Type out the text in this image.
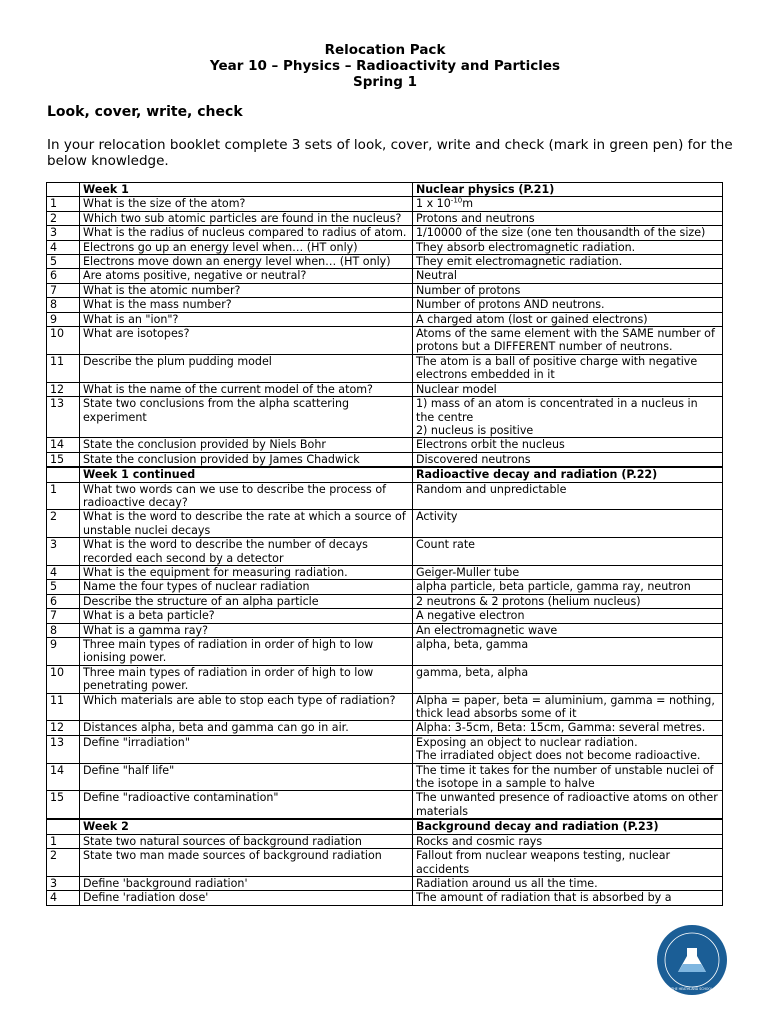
Relocation Pack
Year 10 – Physics – Radioactivity and Particles
Spring 1
Look, cover, write, check
In your relocation booklet complete 3 sets of look, cover, write and check (mark in green pen) for the below knowledge.
	Week 1	Nuclear physics (P.21)
1	What is the size of the atom?	1 x $10^{-10}m$
2	Which two sub atomic particles are found in the nucleus?	Protons and neutrons
3	What is the radius of nucleus compared to radius of atom.	1/10000 of the size (one ten thousandth of the size)
4	Electrons go up an energy level when… (HT only)	They absorb electromagnetic radiation.
5	Electrons move down an energy level when… (HT only)	They emit electromagnetic radiation.
6	Are atoms positive, negative or neutral?	Neutral
7	What is the atomic number?	Number of protons
8	What is the mass number?	Number of protons AND neutrons.
9	What is an "ion"?	A charged atom (lost or gained electrons)
10	What are isotopes?	Atoms of the same element with the SAME number of protons but a DIFFERENT number of neutrons.
11	Describe the plum pudding model	The atom is a ball of positive charge with negative electrons embedded in it
12	What is the name of the current model of the atom?	Nuclear model
13	State two conclusions from the alpha scattering experiment	1) mass of an atom is concentrated in a nucleus in the centre
2) nucleus is positive

14	State the conclusion provided by Niels Bohr	Electrons orbit the nucleus
15	State the conclusion provided by James Chadwick	Discovered neutrons
	Week 1 continued	Radioactive decay and radiation (P.22)
1	What two words can we use to describe the process of radioactive decay?	Random and unpredictable
2	What is the word to describe the rate at which a source of unstable nuclei decays	Activity
3	What is the word to describe the number of decays recorded each second by a detector	Count rate
4	What is the equipment for measuring radiation.	Geiger-Muller tube
5	Name the four types of nuclear radiation	alpha particle, beta particle, gamma ray, neutron
6	Describe the structure of an alpha particle	2 neutrons & 2 protons (helium nucleus)
7	What is a beta particle?	A negative electron
8	What is a gamma ray?	An electromagnetic wave
9	Three main types of radiation in order of high to low ionising power.	alpha, beta, gamma
10	Three main types of radiation in order of high to low penetrating power.	gamma, beta, alpha
11	Which materials are able to stop each type of radiation?	Alpha = paper, beta = aluminium, gamma = nothing, thick lead absorbs some of it
12	Distances alpha, beta and gamma can go in air.	Alpha: 3-5cm, Beta: 15cm, Gamma: several metres.
13	Define "irradiation"	Exposing an object to nuclear radiation.
The irradiated object does not become radioactive.

14	Define "half life"	The time it takes for the number of unstable nuclei of the isotope in a sample to halve
15	Define "radioactive contamination"	The unwanted presence of radioactive atoms on other materials
	Week 2	Background decay and radiation (P.23)
1	State two natural sources of background radiation	Rocks and cosmic rays
2	State two man made sources of background radiation	Fallout from nuclear weapons testing, nuclear accidents
3	Define 'background radiation'	Radiation around us all the time.
4	Define 'radiation dose'	The amount of radiation that is absorbed by a
THE HEATHLAND SCHOOL
